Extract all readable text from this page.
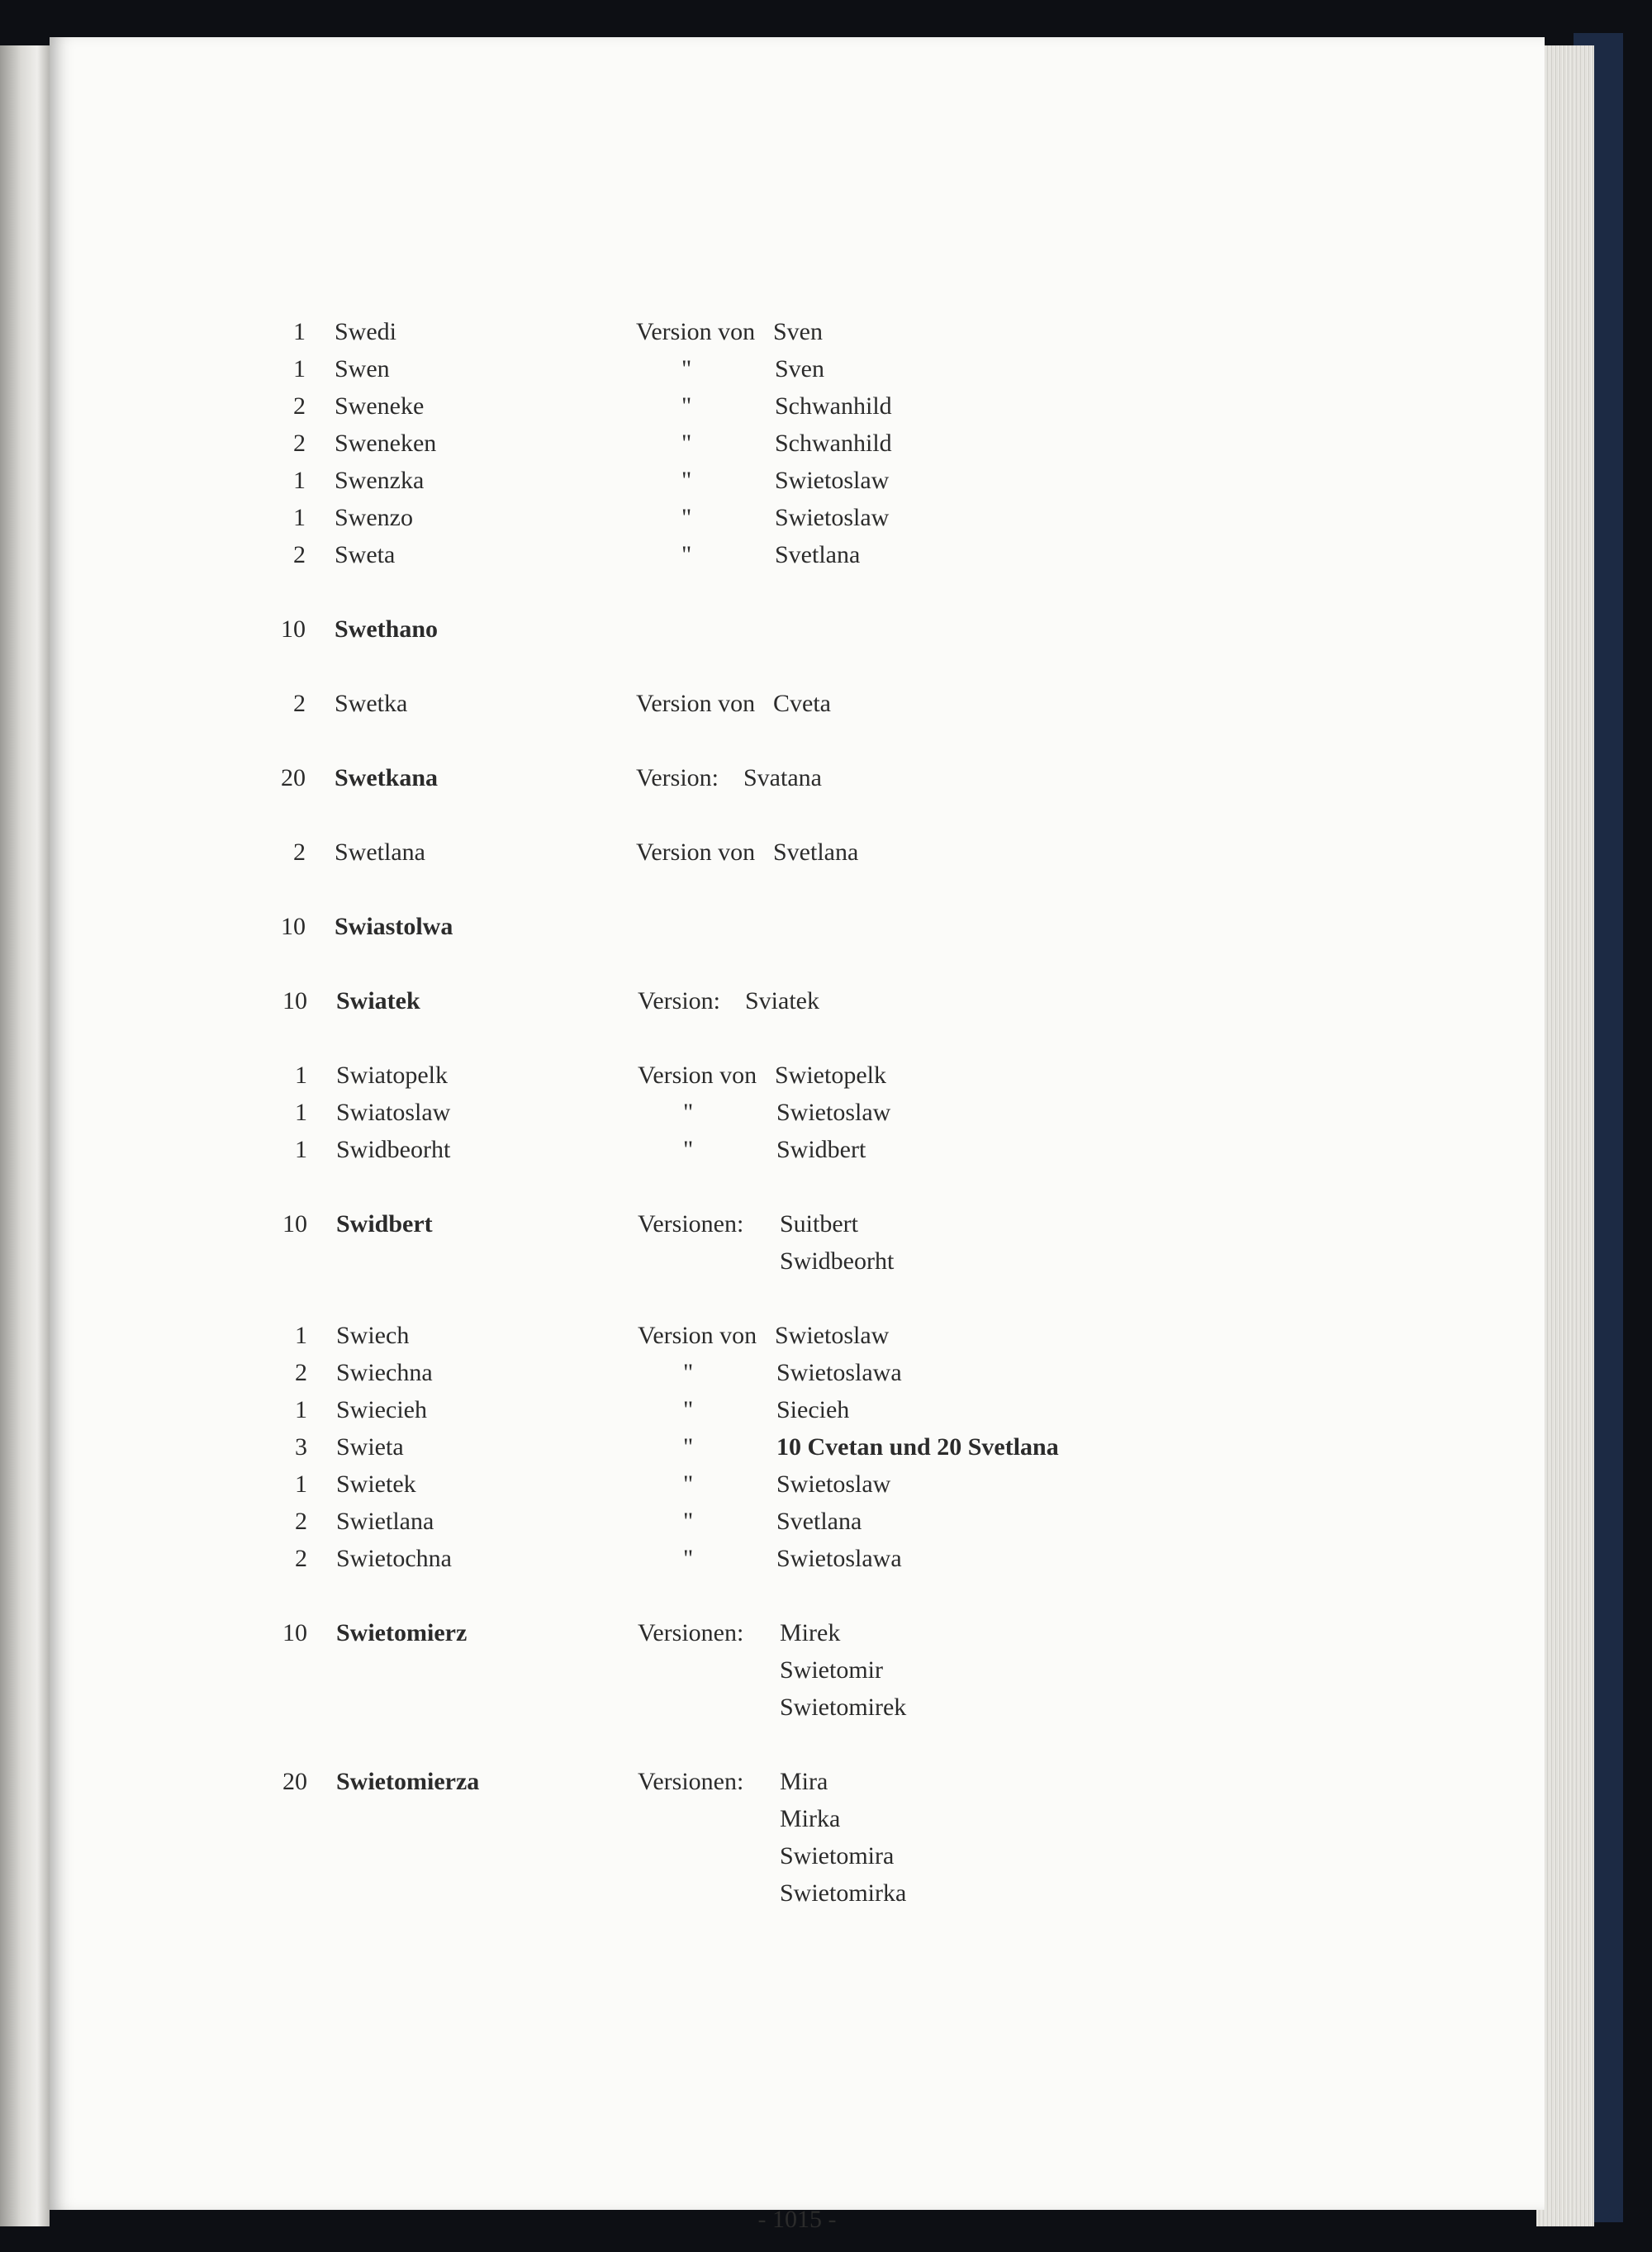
1 Swedi	Version von Sven
1 Swen	"	Sven
2 Sweneke	"	Schwanhild
2 Sweneken	"	Schwanhild
1 Swenzka	"	Swietoslaw
1 Swenzo	"	Swietoslaw
2 Sweta	"	Svetlana
10 Swethano
2 Swetka	Version von Cveta
20 Swetkana	Version: Svatana
2 Swetlana	Version von Svetlana
10 Swiastolwa
10 Swiatek	Version: Sviatek
1 Swiatopelk	Version von Swietopelk
1 Swiatoslaw	"	Swietoslaw
1 Swidbeorht	"	Swidbert
10 Swidbert	Versionen: Suitbert
Swidbeorht
1 Swiech	Version von Swietoslaw
2 Swiechna	"	Swietoslawa
1 Swiecieh	"	Siecieh
3 Swieta	"	10 Cvetan und 20 Svetlana
1 Swietek	"	Swietoslaw
2 Swietlana	"	Svetlana
2 Swietochna	"	Swietoslawa
10 Swietomierz	Versionen: Mirek
Swietomir
Swietomirek
20 Swietomierza	Versionen: Mira
Mirka
Swietomira
Swietomirka
- 1015 -
